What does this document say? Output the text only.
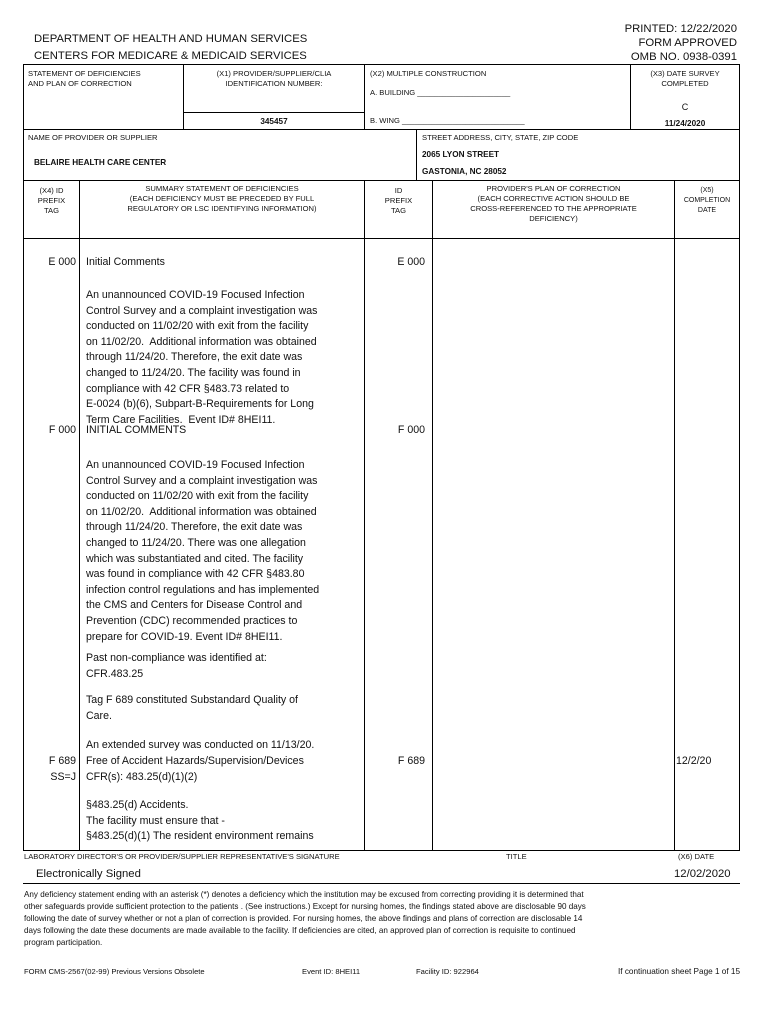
DEPARTMENT OF HEALTH AND HUMAN SERVICES
CENTERS FOR MEDICARE & MEDICAID SERVICES
PRINTED: 12/22/2020
FORM APPROVED
OMB NO. 0938-0391
STATEMENT OF DEFICIENCIES
AND PLAN OF CORRECTION
(X1) PROVIDER/SUPPLIER/CLIA
IDENTIFICATION NUMBER:
345457
(X2) MULTIPLE CONSTRUCTION
A. BUILDING ______________________
B. WING _____________________________
(X3) DATE SURVEY
COMPLETED
C
11/24/2020
NAME OF PROVIDER OR SUPPLIER
BELAIRE HEALTH CARE CENTER
STREET ADDRESS, CITY, STATE, ZIP CODE
2065 LYON STREET
GASTONIA, NC 28052
(X4) ID
PREFIX
TAG
SUMMARY STATEMENT OF DEFICIENCIES
(EACH DEFICIENCY MUST BE PRECEDED BY FULL
REGULATORY OR LSC IDENTIFYING INFORMATION)
ID
PREFIX
TAG
PROVIDER'S PLAN OF CORRECTION
(EACH CORRECTIVE ACTION SHOULD BE
CROSS-REFERENCED TO THE APPROPRIATE
DEFICIENCY)
(X5)
COMPLETION
DATE
E 000 Initial Comments	E 000
An unannounced COVID-19 Focused Infection
Control Survey and a complaint investigation was
conducted on 11/02/20 with exit from the facility
on 11/02/20.  Additional information was obtained
through 11/24/20. Therefore, the exit date was
changed to 11/24/20. The facility was found in
compliance with 42 CFR §483.73 related to
E-0024 (b)(6), Subpart-B-Requirements for Long
Term Care Facilities.  Event ID# 8HEI11.
F 000 INITIAL COMMENTS	F 000
An unannounced COVID-19 Focused Infection
Control Survey and a complaint investigation was
conducted on 11/02/20 with exit from the facility
on 11/02/20.  Additional information was obtained
through 11/24/20. Therefore, the exit date was
changed to 11/24/20. There was one allegation
which was substantiated and cited. The facility
was found in compliance with 42 CFR §483.80
infection control regulations and has implemented
the CMS and Centers for Disease Control and
Prevention (CDC) recommended practices to
prepare for COVID-19. Event ID# 8HEI11.
Past non-compliance was identified at:
CFR.483.25
Tag F 689 constituted Substandard Quality of
Care.
An extended survey was conducted on 11/13/20.
F 689
SS=J
Free of Accident Hazards/Supervision/Devices
CFR(s): 483.25(d)(1)(2)
F 689	12/2/20
§483.25(d) Accidents.
The facility must ensure that -
§483.25(d)(1) The resident environment remains
LABORATORY DIRECTOR'S OR PROVIDER/SUPPLIER REPRESENTATIVE'S SIGNATURE	TITLE	(X6) DATE
Electronically Signed	12/02/2020
Any deficiency statement ending with an asterisk (*) denotes a deficiency which the institution may be excused from correcting providing it is determined that
other safeguards provide sufficient protection to the patients . (See instructions.) Except for nursing homes, the findings stated above are disclosable 90 days
following the date of survey whether or not a plan of correction is provided. For nursing homes, the above findings and plans of correction are disclosable 14
days following the date these documents are made available to the facility. If deficiencies are cited, an approved plan of correction is requisite to continued
program participation.
FORM CMS-2567(02-99) Previous Versions Obsolete	Event ID: 8HEI11	Facility ID: 922964	If continuation sheet Page 1 of 15
